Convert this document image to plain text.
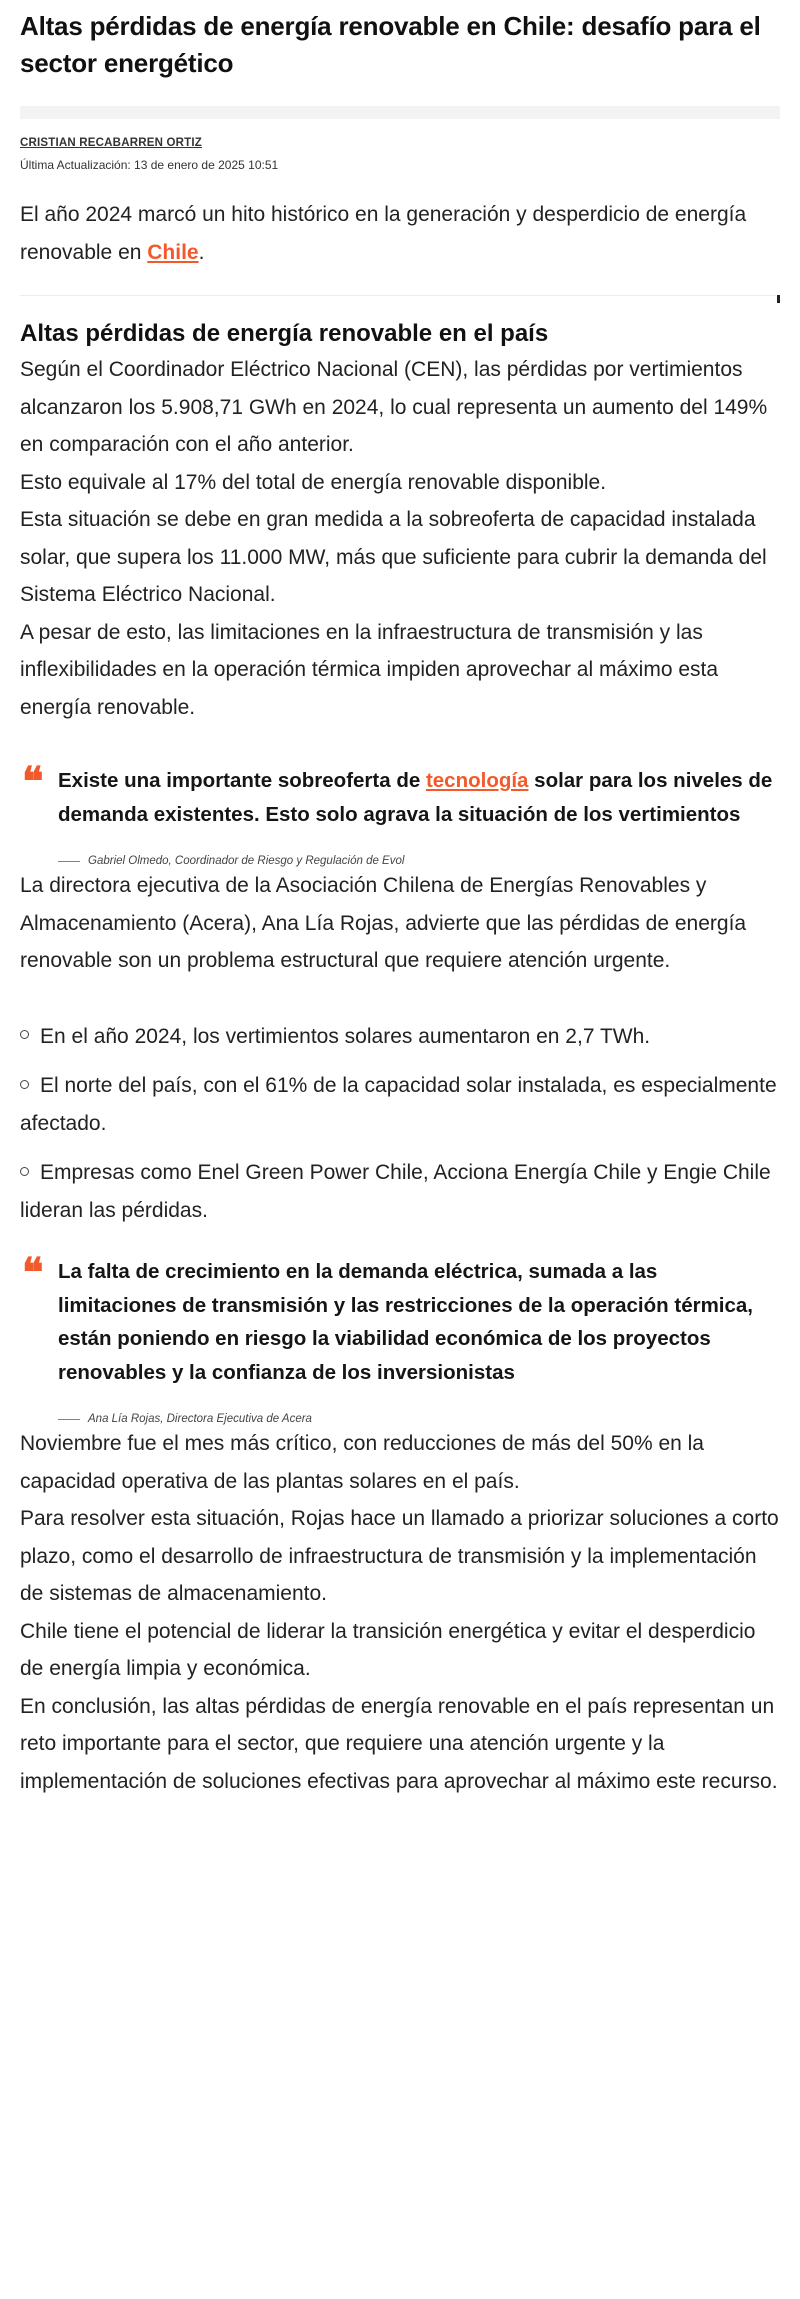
Altas pérdidas de energía renovable en Chile: desafío para el sector energético
CRISTIAN RECABARREN ORTIZ
Última Actualización: 13 de enero de 2025 10:51

El año 2024 marcó un hito histórico en la generación y desperdicio de energía renovable en Chile.

Altas pérdidas de energía renovable en el país

Según el Coordinador Eléctrico Nacional (CEN), las pérdidas por vertimientos alcanzaron los 5.908,71 GWh en 2024, lo cual representa un aumento del 149% en comparación con el año anterior.

Esto equivale al 17% del total de energía renovable disponible.

Esta situación se debe en gran medida a la sobreoferta de capacidad instalada solar, que supera los 11.000 MW, más que suficiente para cubrir la demanda del Sistema Eléctrico Nacional.

A pesar de esto, las limitaciones en la infraestructura de transmisión y las inflexibilidades en la operación térmica impiden aprovechar al máximo esta energía renovable.

❝ Existe una importante sobreoferta de tecnología solar para los niveles de demanda existentes. Esto solo agrava la situación de los vertimientos
Gabriel Olmedo, Coordinador de Riesgo y Regulación de Evol

La directora ejecutiva de la Asociación Chilena de Energías Renovables y Almacenamiento (Acera), Ana Lía Rojas, advierte que las pérdidas de energía renovable son un problema estructural que requiere atención urgente.

En el año 2024, los vertimientos solares aumentaron en 2,7 TWh.
El norte del país, con el 61% de la capacidad solar instalada, es especialmente afectado.
Empresas como Enel Green Power Chile, Acciona Energía Chile y Engie Chile lideran las pérdidas.
❝ La falta de crecimiento en la demanda eléctrica, sumada a las limitaciones de transmisión y las restricciones de la operación térmica, están poniendo en riesgo la viabilidad económica de los proyectos renovables y la confianza de los inversionistas
Ana Lía Rojas, Directora Ejecutiva de Acera

Noviembre fue el mes más crítico, con reducciones de más del 50% en la capacidad operativa de las plantas solares en el país.

Para resolver esta situación, Rojas hace un llamado a priorizar soluciones a corto plazo, como el desarrollo de infraestructura de transmisión y la implementación de sistemas de almacenamiento.

Chile tiene el potencial de liderar la transición energética y evitar el desperdicio de energía limpia y económica.

En conclusión, las altas pérdidas de energía renovable en el país representan un reto importante para el sector, que requiere una atención urgente y la implementación de soluciones efectivas para aprovechar al máximo este recurso.
